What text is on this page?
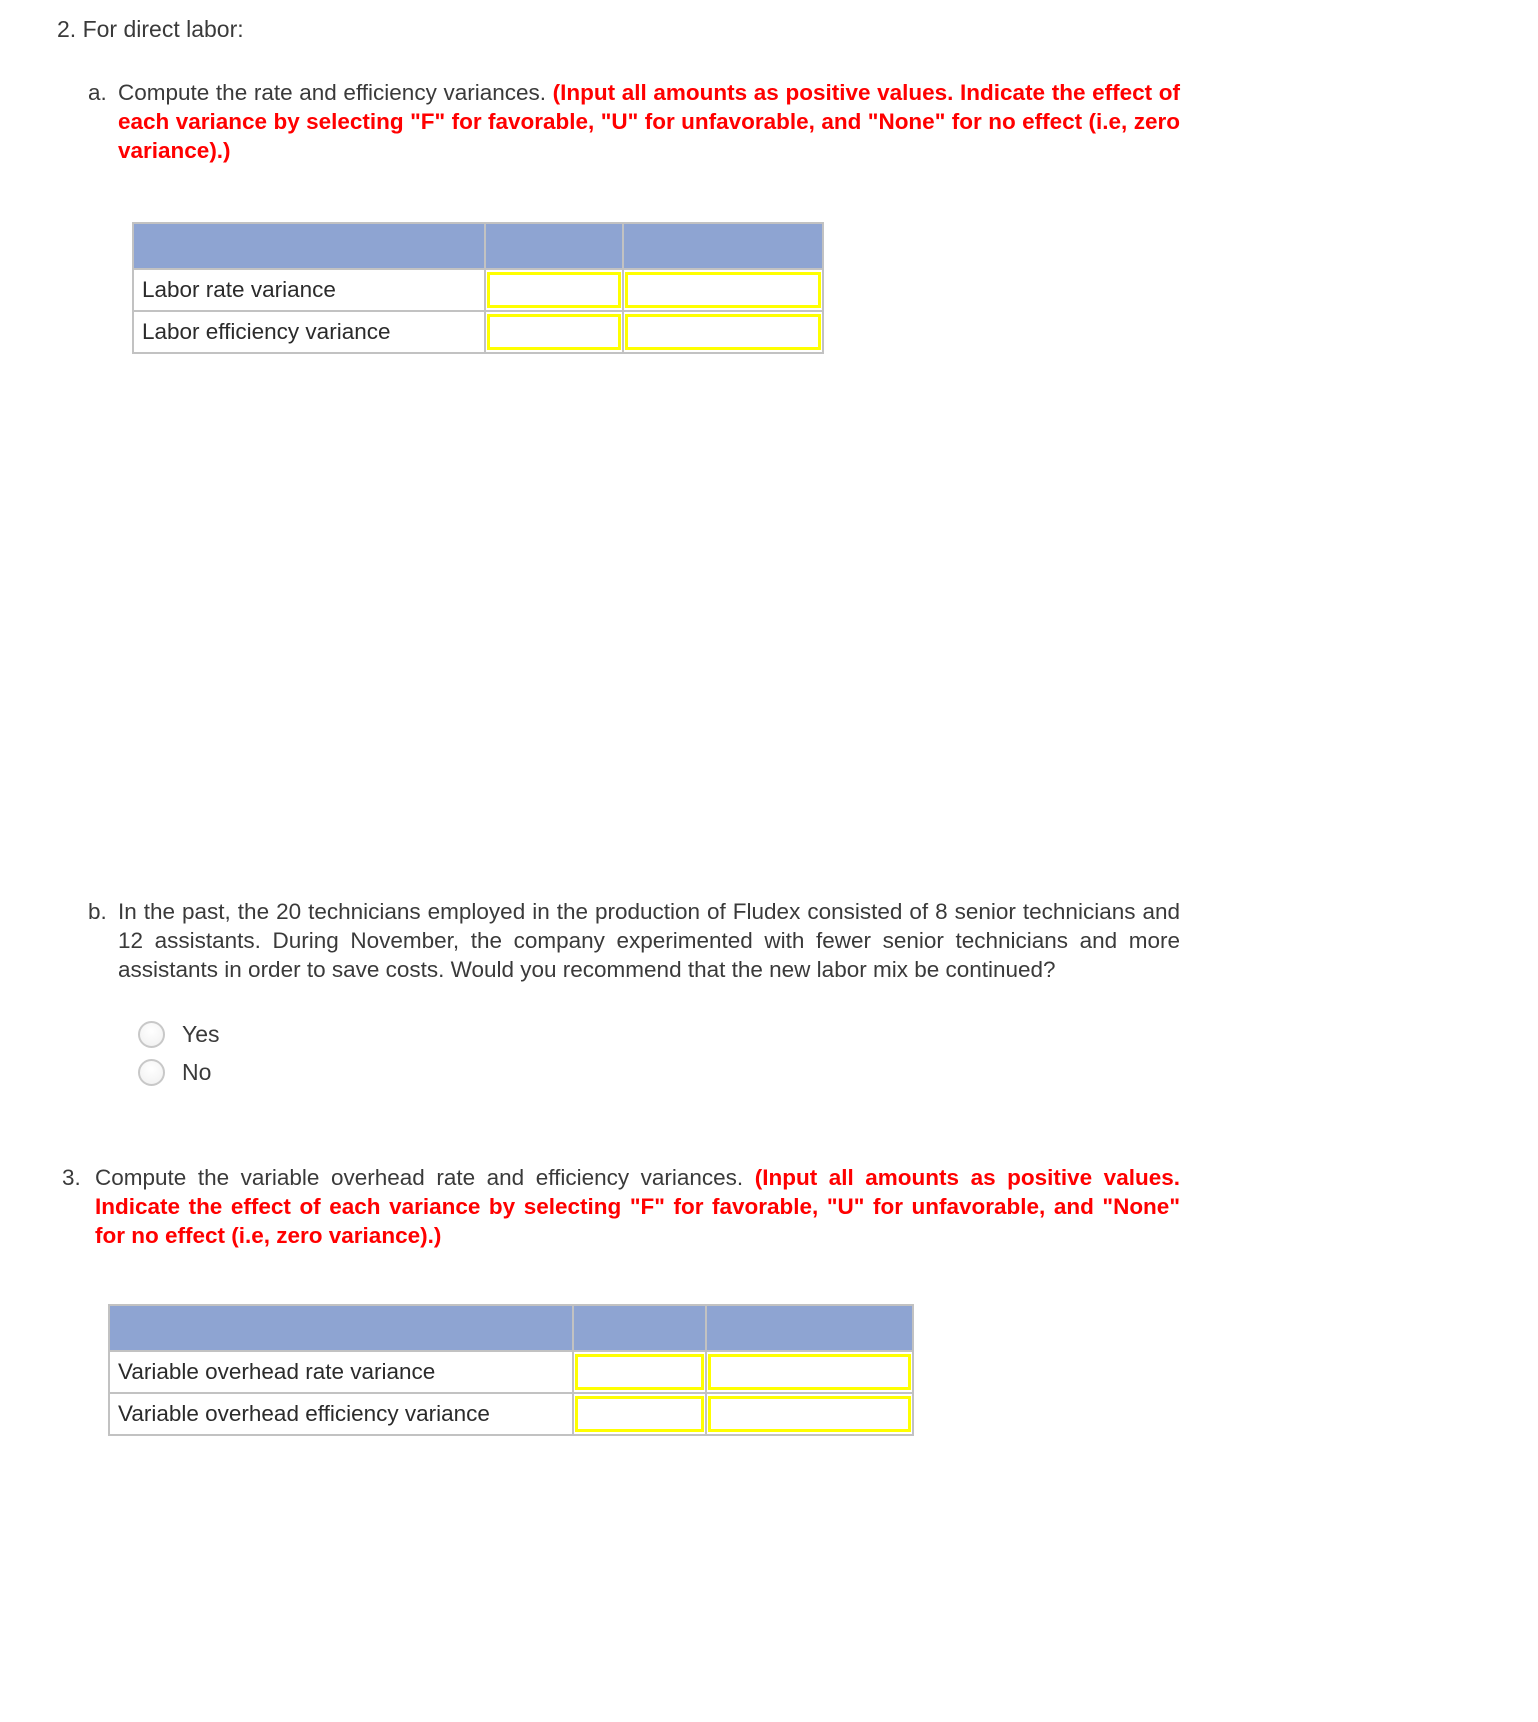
2. For direct labor:
a. Compute the rate and efficiency variances. (Input all amounts as positive values. Indicate the effect of each variance by selecting "F" for favorable, "U" for unfavorable, and "None" for no effect (i.e, zero variance).)

Labor rate variance	

Labor efficiency variance	

b. In the past, the 20 technicians employed in the production of Fludex consisted of 8 senior technicians and 12 assistants. During November, the company experimented with fewer senior technicians and more assistants in order to save costs. Would you recommend that the new labor mix be continued?
Yes
No
3. Compute the variable overhead rate and efficiency variances. (Input all amounts as positive values. Indicate the effect of each variance by selecting "F" for favorable, "U" for unfavorable, and "None" for no effect (i.e, zero variance).)

Variable overhead rate variance	

Variable overhead efficiency variance	
